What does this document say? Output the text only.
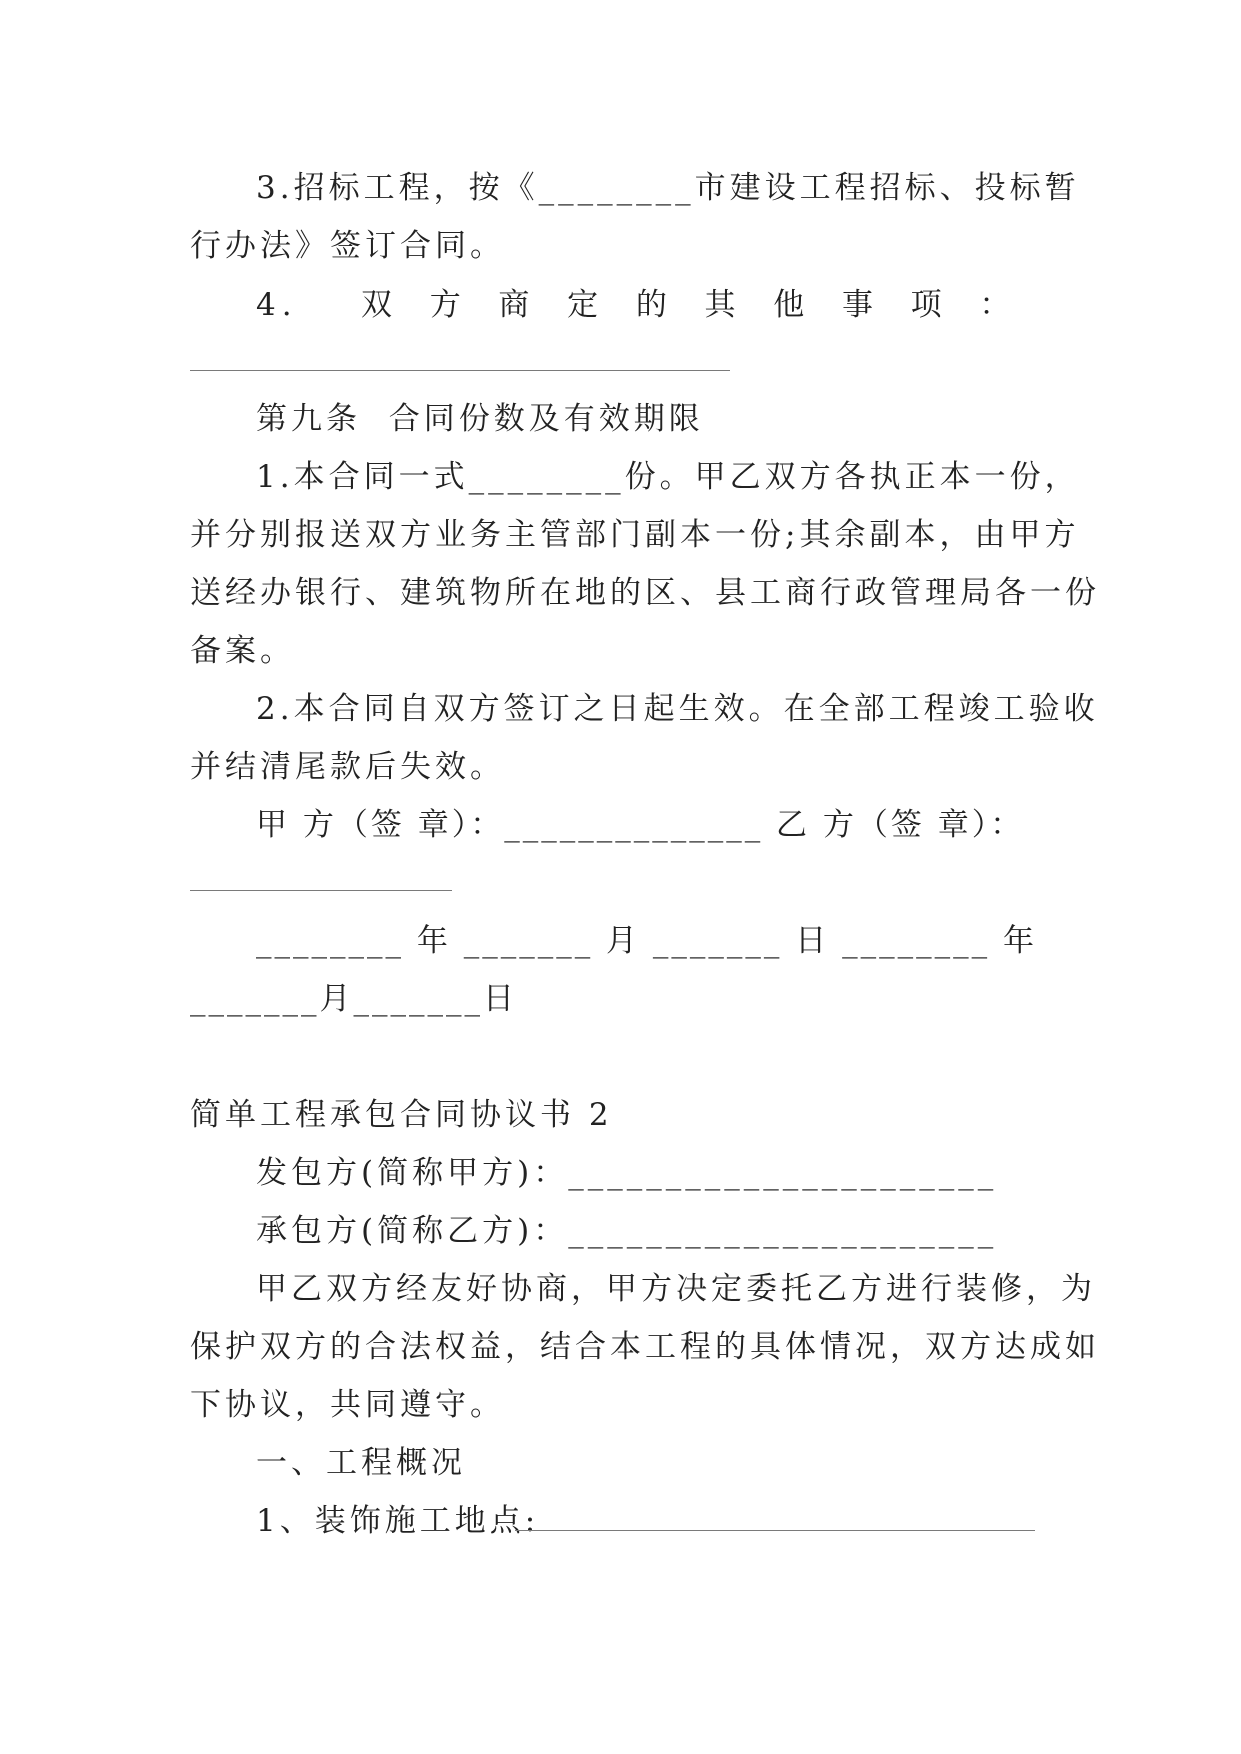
3.招标工程，按《________市建设工程招标、投标暂
行办法》签订合同。
4.    双  方  商  定  的  其  他  事  项  ：
第九条  合同份数及有效期限
1.本合同一式________份。甲乙双方各执正本一份，
并分别报送双方业务主管部门副本一份;其余副本，由甲方
送经办银行、建筑物所在地的区、县工商行政管理局各一份
备案。
2.本合同自双方签订之日起生效。在全部工程竣工验收
并结清尾款后失效。
甲 方（签 章）：______________ 乙 方（签 章）：
________ 年 _______ 月 _______ 日 ________ 年
_______月_______日
简单工程承包合同协议书 2
发包方(简称甲方)：______________________
承包方(简称乙方)：______________________
甲乙双方经友好协商，甲方决定委托乙方进行装修，为
保护双方的合法权益，结合本工程的具体情况，双方达成如
下协议，共同遵守。
一、工程概况
1、装饰施工地点:
